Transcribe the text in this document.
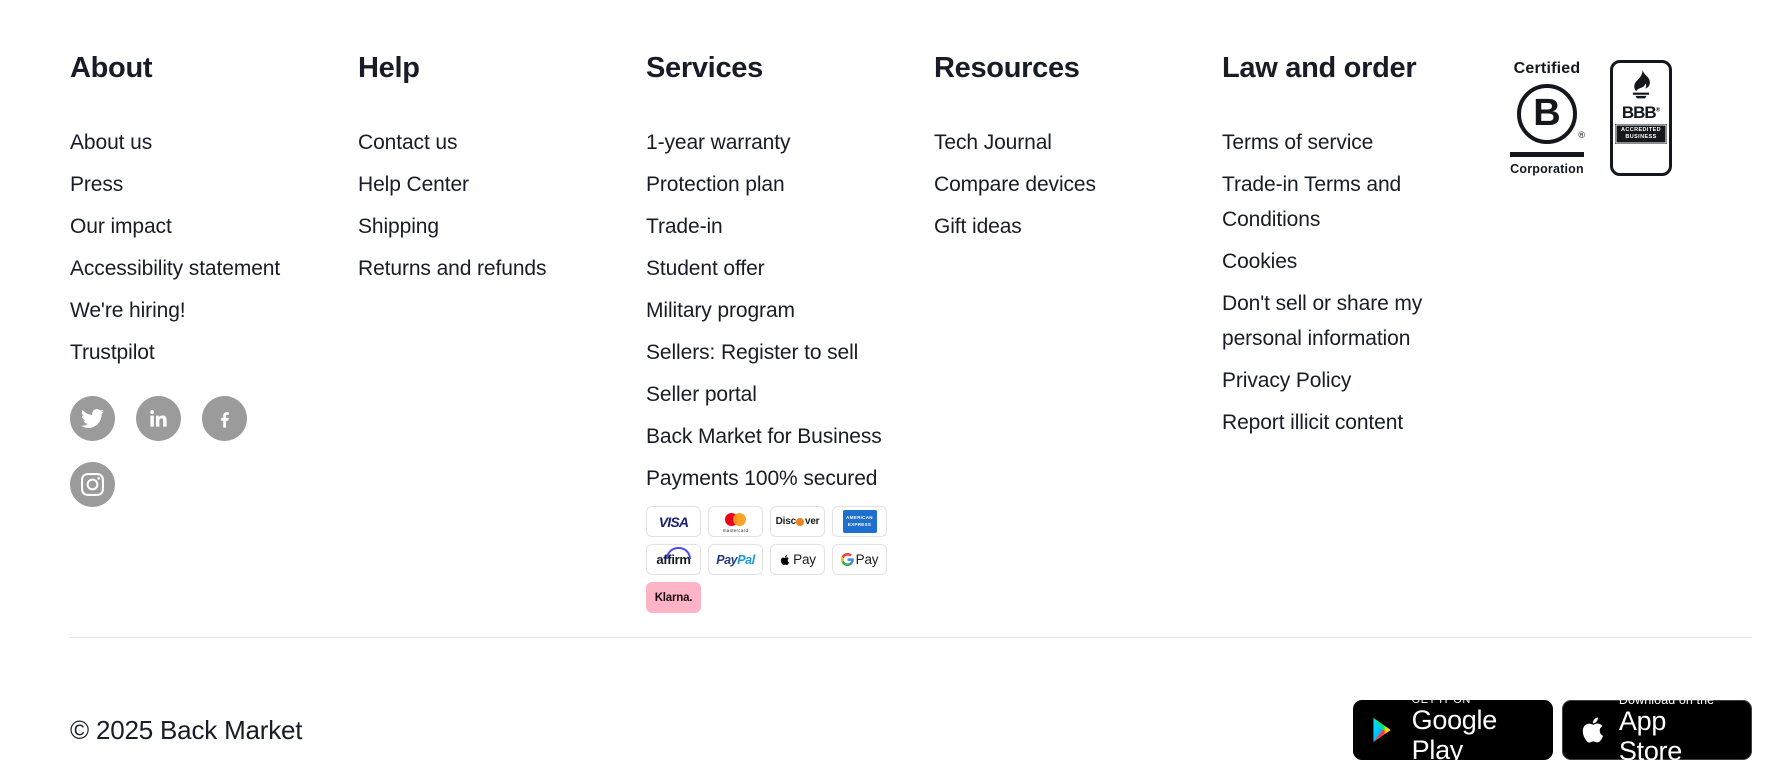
About
About us
Press
Our impact
Accessibility statement
We're hiring!
Trustpilot
Help
Contact us
Help Center
Shipping
Returns and refunds
Services
1-year warranty
Protection plan
Trade-in
Student offer
Military program
Sellers: Register to sell
Seller portal
Back Market for Business
Payments 100% secured
VISA
mastercard
Disc ver	AMERICAN
EXPRESS
affirm PayPal	Pay	Pay
Klarna.
Resources
Tech Journal
Compare devices
Gift ideas
Law and order
Terms of service
Trade-in Terms and Conditions
Cookies
Don't sell or share my personal information
Privacy Policy
Report illicit content
Certified
B
®
Corporation
BBB®
ACCREDITED
BUSINESS
© 2025 Back Market
GET IT ON
Google Play
Download on the
App Store
